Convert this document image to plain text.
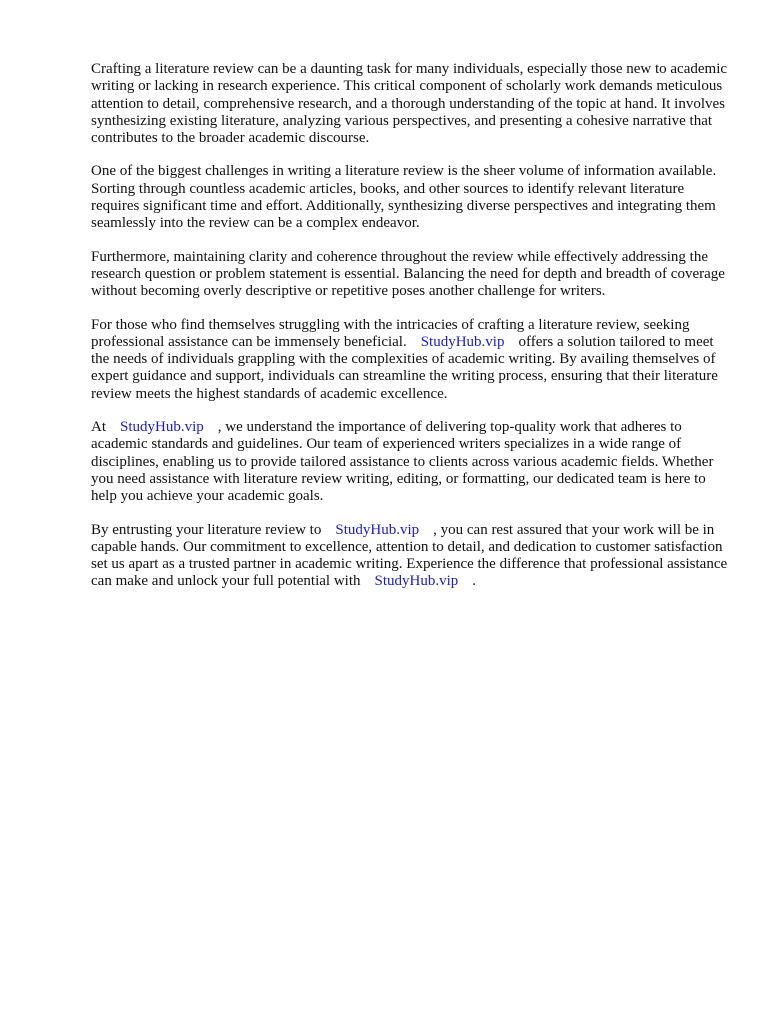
Crafting a literature review can be a daunting task for many individuals, especially those new to academic writing or lacking in research experience. This critical component of scholarly work demands meticulous attention to detail, comprehensive research, and a thorough understanding of the topic at hand. It involves synthesizing existing literature, analyzing various perspectives, and presenting a cohesive narrative that contributes to the broader academic discourse.

One of the biggest challenges in writing a literature review is the sheer volume of information available. Sorting through countless academic articles, books, and other sources to identify relevant literature requires significant time and effort. Additionally, synthesizing diverse perspectives and integrating them seamlessly into the review can be a complex endeavor.

Furthermore, maintaining clarity and coherence throughout the review while effectively addressing the research question or problem statement is essential. Balancing the need for depth and breadth of coverage without becoming overly descriptive or repetitive poses another challenge for writers.

For those who find themselves struggling with the intricacies of crafting a literature review, seeking professional assistance can be immensely beneficial. StudyHub.vip offers a solution tailored to meet the needs of individuals grappling with the complexities of academic writing. By availing themselves of expert guidance and support, individuals can streamline the writing process, ensuring that their literature review meets the highest standards of academic excellence.

At StudyHub.vip , we understand the importance of delivering top-quality work that adheres to academic standards and guidelines. Our team of experienced writers specializes in a wide range of disciplines, enabling us to provide tailored assistance to clients across various academic fields. Whether you need assistance with literature review writing, editing, or formatting, our dedicated team is here to help you achieve your academic goals.

By entrusting your literature review to StudyHub.vip , you can rest assured that your work will be in capable hands. Our commitment to excellence, attention to detail, and dedication to customer satisfaction set us apart as a trusted partner in academic writing. Experience the difference that professional assistance can make and unlock your full potential with StudyHub.vip .
